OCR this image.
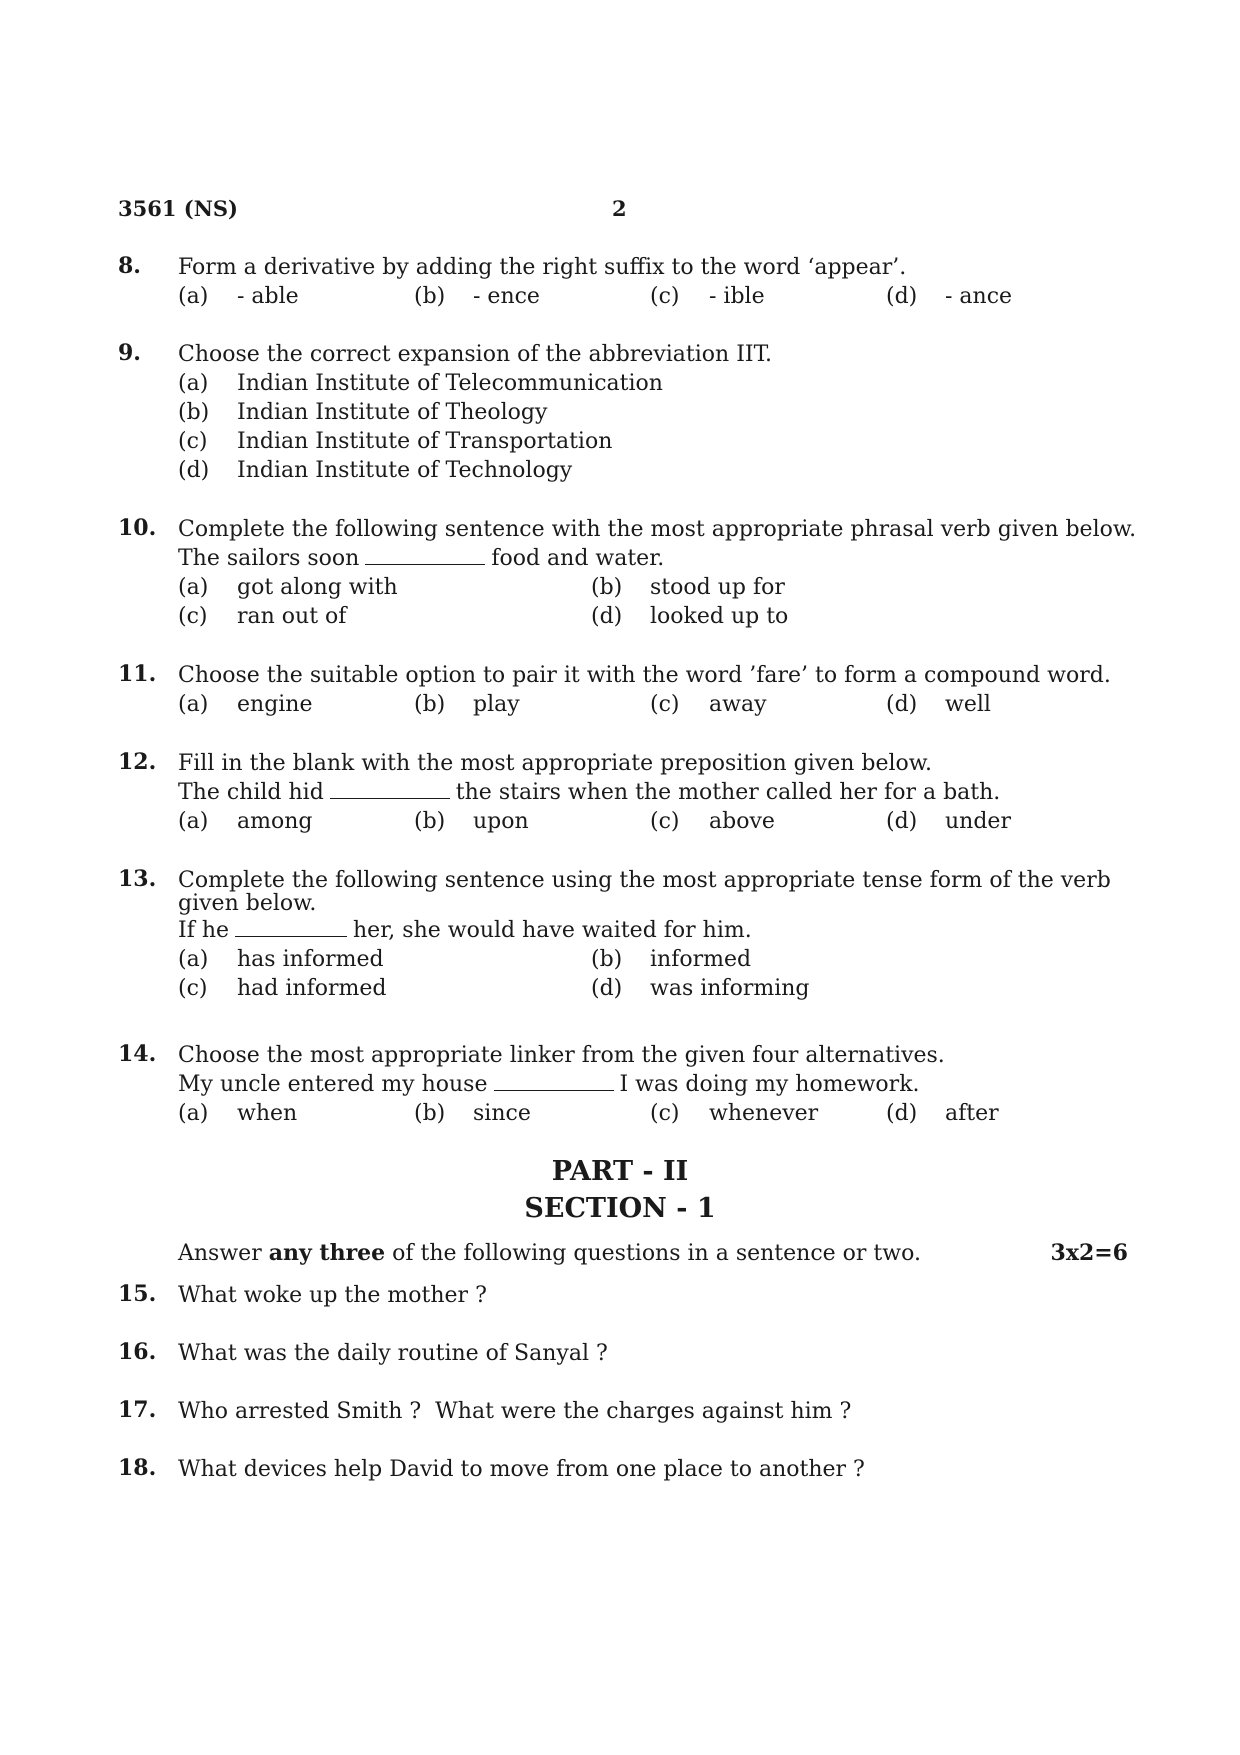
3561 (NS)	2
8. Form a derivative by adding the right suffix to the word ‘appear’.
(a)	- able	(b)	- ence	(c)	- ible	(d)	- ance
9. Choose the correct expansion of the abbreviation IIT.
(a)	Indian Institute of Telecommunication
(b)	Indian Institute of Theology
(c)	Indian Institute of Transportation
(d)	Indian Institute of Technology
10. Complete the following sentence with the most appropriate phrasal verb given below.
The sailors soon	food and water.
(a)	got along with	(b)	stood up for
(c)	ran out of	(d)	looked up to
11. Choose the suitable option to pair it with the word ’fare’ to form a compound word.
(a)	engine	(b)	play	(c)	away	(d)	well
12. Fill in the blank with the most appropriate preposition given below.
The child hid	the stairs when the mother called her for a bath.
(a)	among	(b)	upon	(c)	above	(d)	under
13. Complete the following sentence using the most appropriate tense form of the verb
given below.
If he	her, she would have waited for him.
(a)	has informed	(b)	informed
(c)	had informed	(d)	was informing
14. Choose the most appropriate linker from the given four alternatives.
My uncle entered my house	I was doing my homework.
(a)	when	(b)	since	(c)	whenever	(d)	after
PART - II
SECTION - 1
Answer any three of the following questions in a sentence or two.	3x2=6
15. What woke up the mother ?
16. What was the daily routine of Sanyal ?
17. Who arrested Smith ?  What were the charges against him ?
18. What devices help David to move from one place to another ?
